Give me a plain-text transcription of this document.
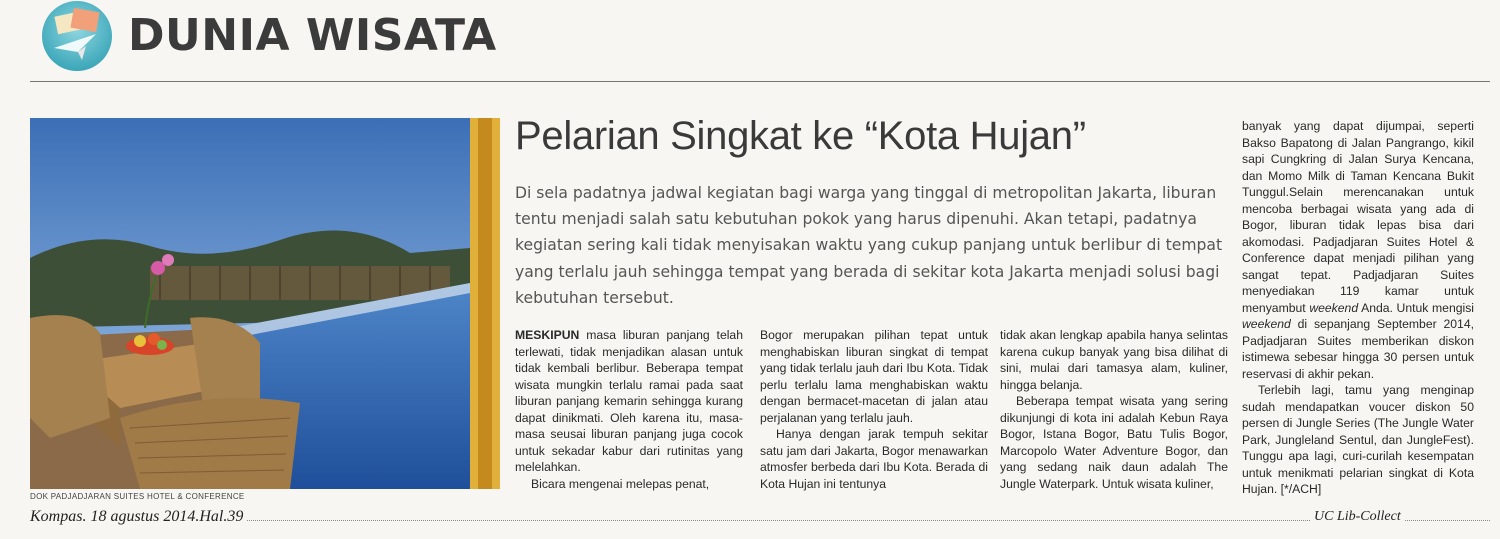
DUNIA WISATA
DOK PADJADJARAN SUITES HOTEL & CONFERENCE
Pelarian Singkat ke “Kota Hujan”

Di sela padatnya jadwal kegiatan bagi warga yang tinggal di metropolitan Jakarta, liburan tentu menjadi salah satu kebutuhan pokok yang harus dipenuhi. Akan tetapi, padatnya kegiatan sering kali tidak menyisakan waktu yang cukup panjang untuk berlibur di tempat yang terlalu jauh sehingga tempat yang berada di sekitar kota Jakarta menjadi solusi bagi kebutuhan tersebut.

MESKIPUN masa liburan panjang telah terlewati, tidak menjadikan alasan untuk tidak kembali berlibur. Beberapa tempat wisata mungkin terlalu ramai pada saat liburan panjang kemarin sehingga kurang dapat dinikmati. Oleh karena itu, masa-masa seusai liburan panjang juga cocok untuk sekadar kabur dari rutinitas yang melelahkan.

Bicara mengenai melepas penat,

Bogor merupakan pilihan tepat untuk menghabiskan liburan singkat di tempat yang tidak terlalu jauh dari Ibu Kota. Tidak perlu terlalu lama menghabiskan waktu dengan bermacet-macetan di jalan atau perjalanan yang terlalu jauh.

Hanya dengan jarak tempuh sekitar satu jam dari Jakarta, Bogor menawarkan atmosfer berbeda dari Ibu Kota. Berada di Kota Hujan ini tentunya

tidak akan lengkap apabila hanya selintas karena cukup banyak yang bisa dilihat di sini, mulai dari tamasya alam, kuliner, hingga belanja.

Beberapa tempat wisata yang sering dikunjungi di kota ini adalah Kebun Raya Bogor, Istana Bogor, Batu Tulis Bogor, Marcopolo Water Adventure Bogor, dan yang sedang naik daun adalah The Jungle Waterpark. Untuk wisata kuliner,

banyak yang dapat dijumpai, seperti Bakso Bapatong di Jalan Pangrango, kikil sapi Cungkring di Jalan Surya Kencana, dan Momo Milk di Taman Kencana Bukit Tunggul.Selain merencanakan untuk mencoba berbagai wisata yang ada di Bogor, liburan tidak lepas bisa dari akomodasi. Padjadjaran Suites Hotel & Conference dapat menjadi pilihan yang sangat tepat. Padjadjaran Suites menyediakan 119 kamar untuk menyambut weekend Anda. Untuk mengisi weekend di sepanjang September 2014, Padjadjaran Suites memberikan diskon istimewa sebesar hingga 30 persen untuk reservasi di akhir pekan.

Terlebih lagi, tamu yang menginap sudah mendapatkan voucer diskon 50 persen di Jungle Series (The Jungle Water Park, Jungleland Sentul, dan JungleFest). Tunggu apa lagi, curi-curilah kesempatan untuk menikmati pelarian singkat di Kota Hujan. [*/ACH]

Kompas. 18 agustus 2014.Hal.39	UC Lib-Collect
